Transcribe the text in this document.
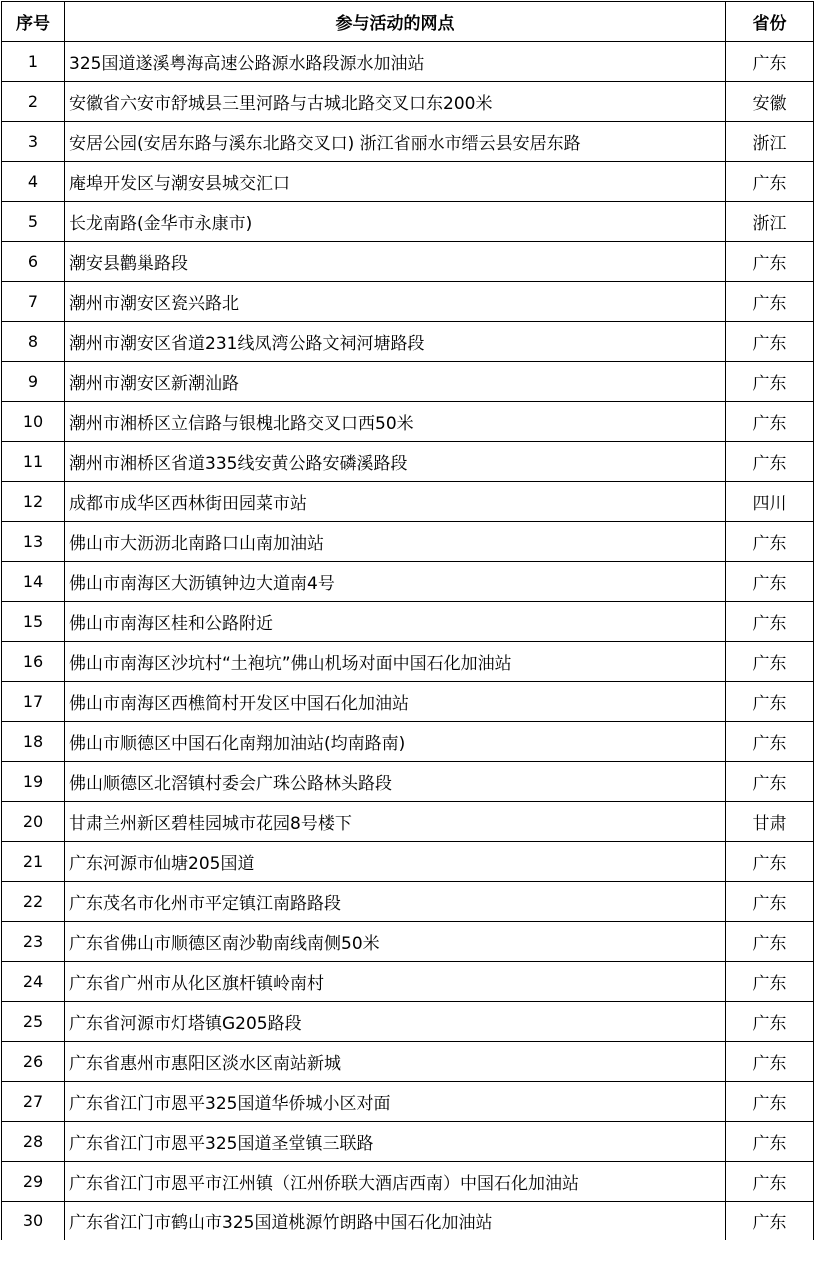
序号	参与活动的网点	省份
1	325国道遂溪粤海高速公路源水路段源水加油站	广东
2	安徽省六安市舒城县三里河路与古城北路交叉口东200米	安徽
3	安居公园(安居东路与溪东北路交叉口) 浙江省丽水市缙云县安居东路	浙江
4	庵埠开发区与潮安县城交汇口	广东
5	长龙南路(金华市永康市)	浙江
6	潮安县鹳巢路段	广东
7	潮州市潮安区瓷兴路北	广东
8	潮州市潮安区省道231线凤湾公路文祠河塘路段	广东
9	潮州市潮安区新潮汕路	广东
10	潮州市湘桥区立信路与银槐北路交叉口西50米	广东
11	潮州市湘桥区省道335线安黄公路安磷溪路段	广东
12	成都市成华区西林街田园菜市站	四川
13	佛山市大沥沥北南路口山南加油站	广东
14	佛山市南海区大沥镇钟边大道南4号	广东
15	佛山市南海区桂和公路附近	广东
16	佛山市南海区沙坑村“土袍坑”佛山机场对面中国石化加油站	广东
17	佛山市南海区西樵简村开发区中国石化加油站	广东
18	佛山市顺德区中国石化南翔加油站(均南路南)	广东
19	佛山顺德区北滘镇村委会广珠公路林头路段	广东
20	甘肃兰州新区碧桂园城市花园8号楼下	甘肃
21	广东河源市仙塘205国道	广东
22	广东茂名市化州市平定镇江南路路段	广东
23	广东省佛山市顺德区南沙勒南线南侧50米	广东
24	广东省广州市从化区旗杆镇岭南村	广东
25	广东省河源市灯塔镇G205路段	广东
26	广东省惠州市惠阳区淡水区南站新城	广东
27	广东省江门市恩平325国道华侨城小区对面	广东
28	广东省江门市恩平325国道圣堂镇三联路	广东
29	广东省江门市恩平市江州镇（江州侨联大酒店西南）中国石化加油站	广东
30	广东省江门市鹤山市325国道桃源竹朗路中国石化加油站	广东
